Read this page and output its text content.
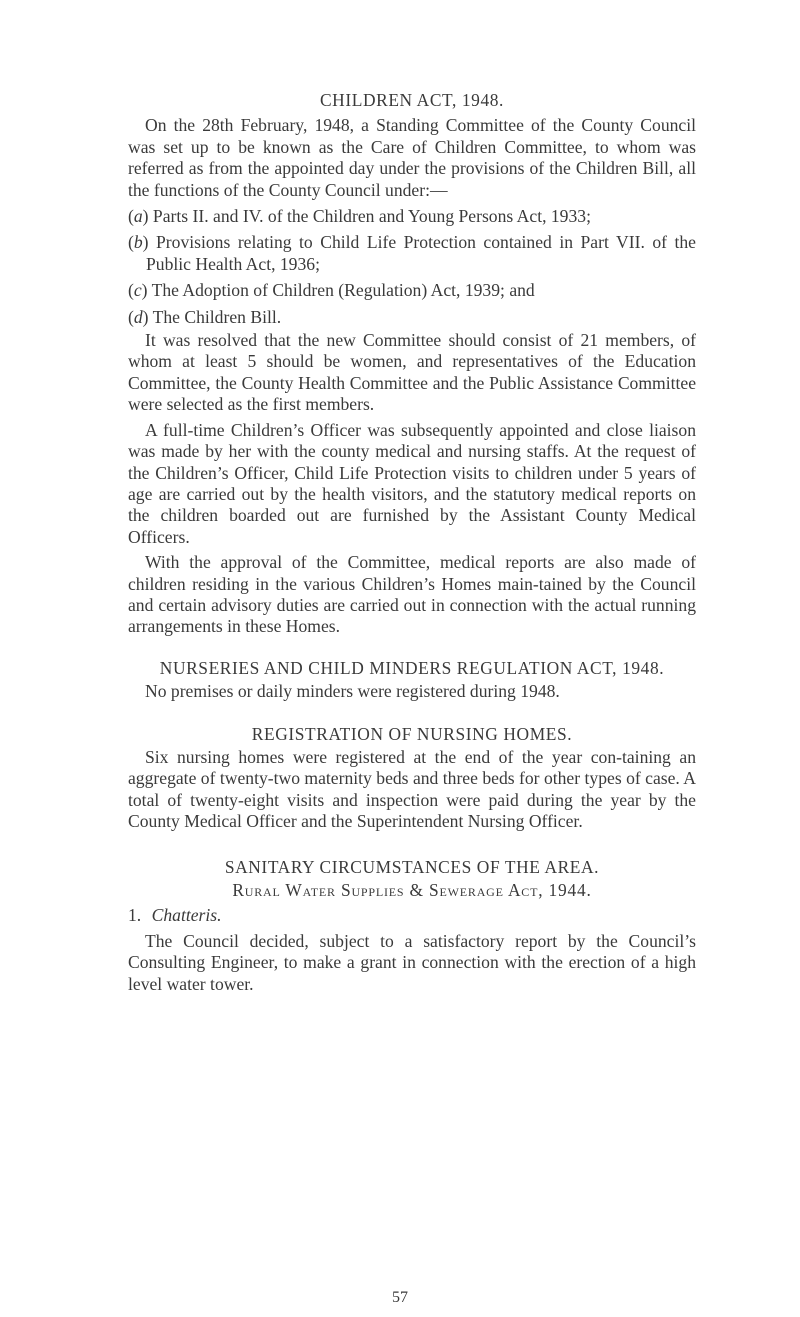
CHILDREN ACT, 1948.

On the 28th February, 1948, a Standing Committee of the County Council was set up to be known as the Care of Children Committee, to whom was referred as from the appointed day under the provisions of the Children Bill, all the functions of the County Council under:—

(a) Parts II. and IV. of the Children and Young Persons Act, 1933;

(b) Provisions relating to Child Life Protection contained in Part VII. of the Public Health Act, 1936;

(c) The Adoption of Children (Regulation) Act, 1939; and

(d) The Children Bill.

It was resolved that the new Committee should consist of 21 members, of whom at least 5 should be women, and representatives of the Education Committee, the County Health Committee and the Public Assistance Committee were selected as the first members.

A full-time Children’s Officer was subsequently appointed and close liaison was made by her with the county medical and nursing staffs. At the request of the Children’s Officer, Child Life Protection visits to children under 5 years of age are carried out by the health visitors, and the statutory medical reports on the children boarded out are furnished by the Assistant County Medical Officers.

With the approval of the Committee, medical reports are also made of children residing in the various Children’s Homes main-tained by the Council and certain advisory duties are carried out in connection with the actual running arrangements in these Homes.

NURSERIES AND CHILD MINDERS REGULATION ACT, 1948.

No premises or daily minders were registered during 1948.

REGISTRATION OF NURSING HOMES.

Six nursing homes were registered at the end of the year con-taining an aggregate of twenty-two maternity beds and three beds for other types of case. A total of twenty-eight visits and inspection were paid during the year by the County Medical Officer and the Superintendent Nursing Officer.

SANITARY CIRCUMSTANCES OF THE AREA.
Rural Water Supplies & Sewerage Act, 1944.

1. Chatteris.

The Council decided, subject to a satisfactory report by the Council’s Consulting Engineer, to make a grant in connection with the erection of a high level water tower.

57
